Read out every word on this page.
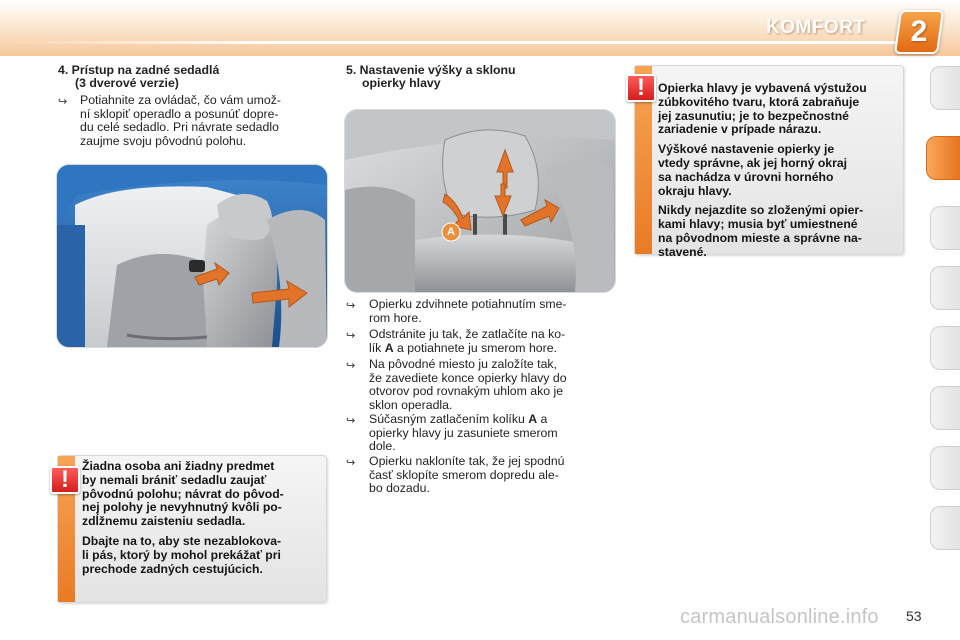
KOMFORT	2
4. Prístup na zadné sedadlá
(3 dverové verzie)
↪ Potiahnite za ovládač, čo vám umož-
ní sklopiť operadlo a posunúť dopre-
du celé sedadlo. Pri návrate sedadlo
zaujme svoju pôvodnú polohu.
!	Žiadna osoba ani žiadny predmet
by nemali brániť sedadlu zaujať
pôvodnú polohu; návrat do pôvod-
nej polohy je nevyhnutný kvôli po-
zdĺžnemu zaisteniu sedadla.
Dbajte na to, aby ste nezablokova-
li pás, ktorý by mohol prekážať pri
prechode zadných cestujúcich.
5. Nastavenie výšky a sklonu
opierky hlavy
A
↪ Opierku zdvihnete potiahnutím sme-
rom hore.
↪ Odstránite ju tak, že zatlačíte na ko-
lík A a potiahnete ju smerom hore.
↪ Na pôvodné miesto ju založíte tak,
že zavediete konce opierky hlavy do
otvorov pod rovnakým uhlom ako je
sklon operadla.
↪ Súčasným zatlačením kolíku A a
opierky hlavy ju zasuniete smerom
dole.
↪ Opierku nakloníte tak, že jej spodnú
časť sklopíte smerom dopredu ale-
bo dozadu.
!	Opierka hlavy je vybavená výstužou
zúbkovitého tvaru, ktorá zabraňuje
jej zasunutiu; je to bezpečnostné
zariadenie v prípade nárazu.
Výškové nastavenie opierky je
vtedy správne, ak jej horný okraj
sa nachádza v úrovni horného
okraju hlavy.
Nikdy nejazdite so zloženými opier-
kami hlavy; musia byť umiestnené
na pôvodnom mieste a správne na-
stavené.
carmanualsonline.info 53
